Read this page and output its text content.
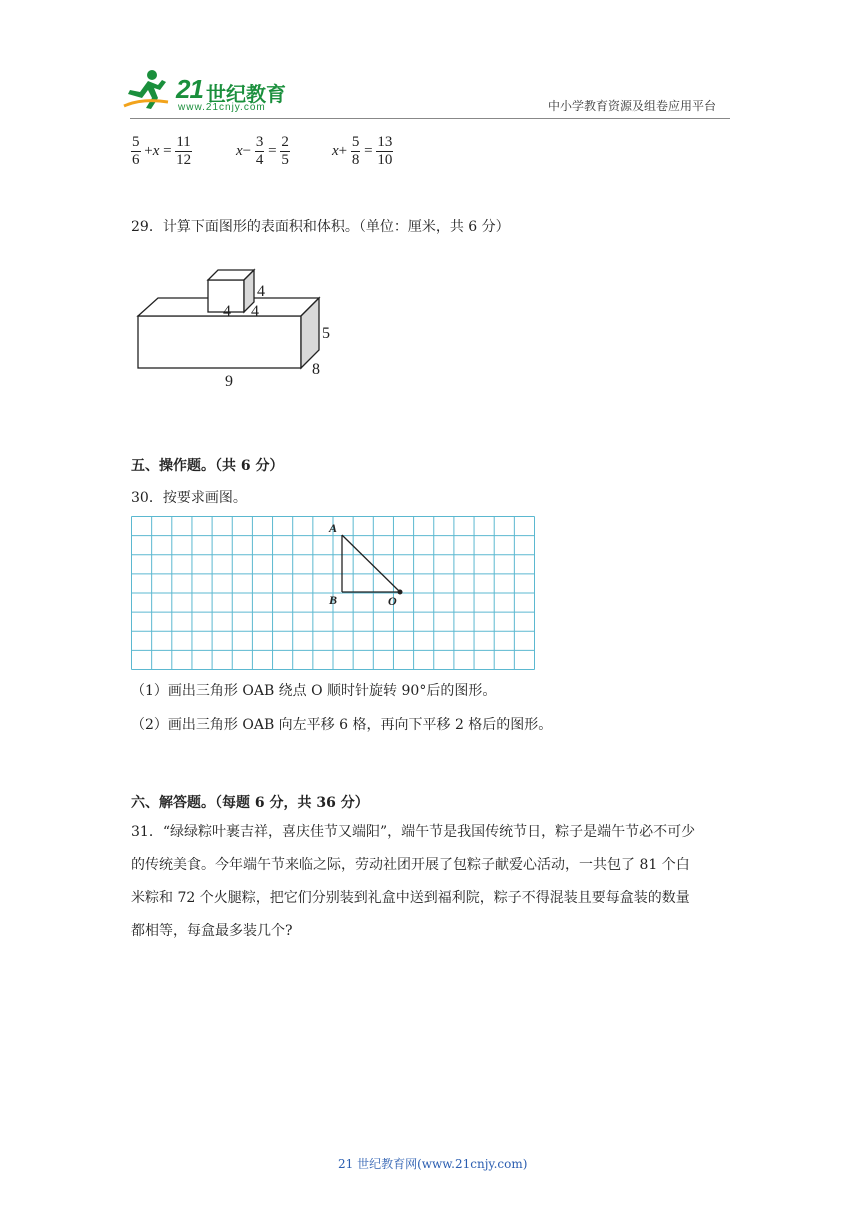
21 世纪教育
www.21cnjy.com	中小学教育资源及组卷应用平台
$\frac{5}{6} +x = \frac{11}{12}$	$x- \frac{3}{4} = \frac{2}{5}$	$x+ \frac{5}{8} = \frac{13}{10}$
29．计算下面图形的表面积和体积。（单位：厘米，共 6 分）
4
4 4
5
8
9
五、操作题。（共 6 分）
30．按要求画图。
A
B	O
（1）画出三角形 OAB 绕点 O 顺时针旋转 90°后的图形。
（2）画出三角形 OAB 向左平移 6 格，再向下平移 2 格后的图形。
六、解答题。（每题 6 分，共 36 分）
31．“绿绿粽叶裹吉祥，喜庆佳节又端阳”，端午节是我国传统节日，粽子是端午节必不可少
的传统美食。今年端午节来临之际，劳动社团开展了包粽子献爱心活动，一共包了 81 个白
米粽和 72 个火腿粽，把它们分别装到礼盒中送到福利院，粽子不得混装且要每盒装的数量
都相等，每盒最多装几个?
21 世纪教育网(www.21cnjy.com)
